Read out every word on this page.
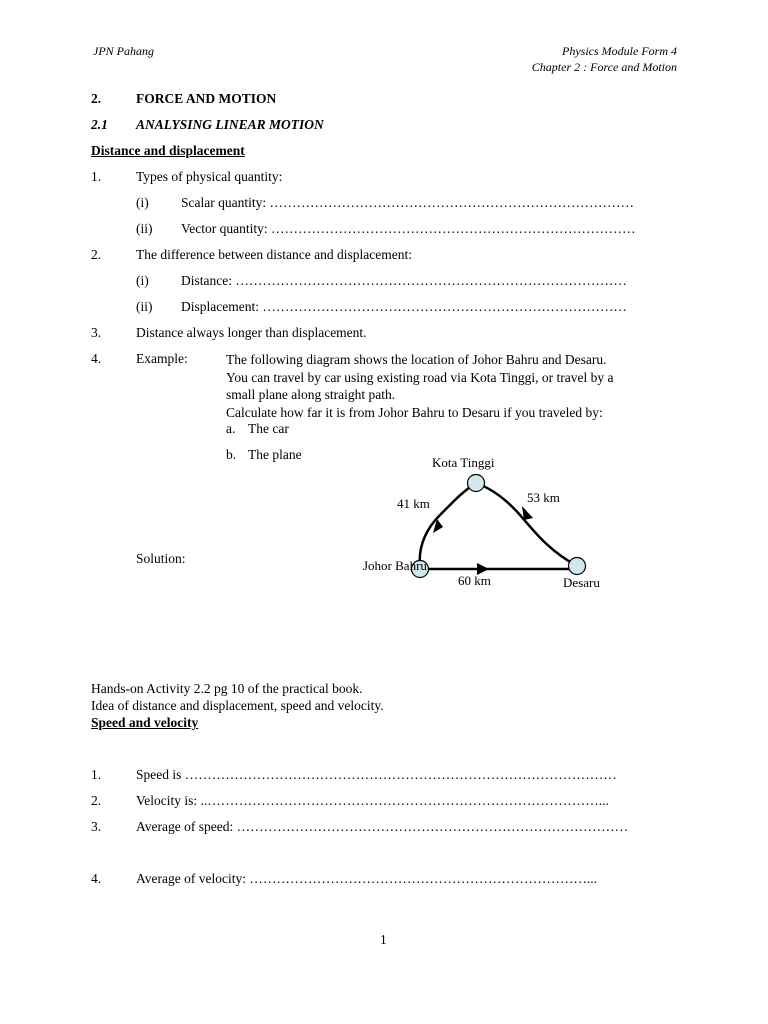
JPN Pahang	Physics Module Form 4
Chapter 2 : Force and Motion
2.	FORCE AND MOTION
2.1 ANALYSING LINEAR MOTION
Distance and displacement
1.	Types of physical quantity:
(i) Scalar quantity: ………………………………………………………………………
(ii) Vector quantity: ………………………………………………………………………
2.	The difference between distance and displacement:
(i) Distance: ……………………………………………………………………………
(ii) Displacement: ………………………………………………………………………
3.	Distance always longer than displacement.
4.	Example:	The following diagram shows the location of Johor Bahru and Desaru.
You can travel by car using existing road via Kota Tinggi, or travel by a
small plane along straight path.
Calculate how far it is from Johor Bahru to Desaru if you traveled by:
a. The car
b. The plane
Solution:
Kota Tinggi
41 km	53 km
Johor Bahru
60 km	Desaru
Hands-on Activity 2.2 pg 10 of the practical book.
Idea of distance and displacement, speed and velocity.
Speed and velocity
1.	Speed is ……………………………………………………………………………………
2.	Velocity is: ..……………………………………………………………………………...
3.	Average of speed: ……………………………………………………………………………
4.	Average of velocity: …………………………………………………………………...
1
